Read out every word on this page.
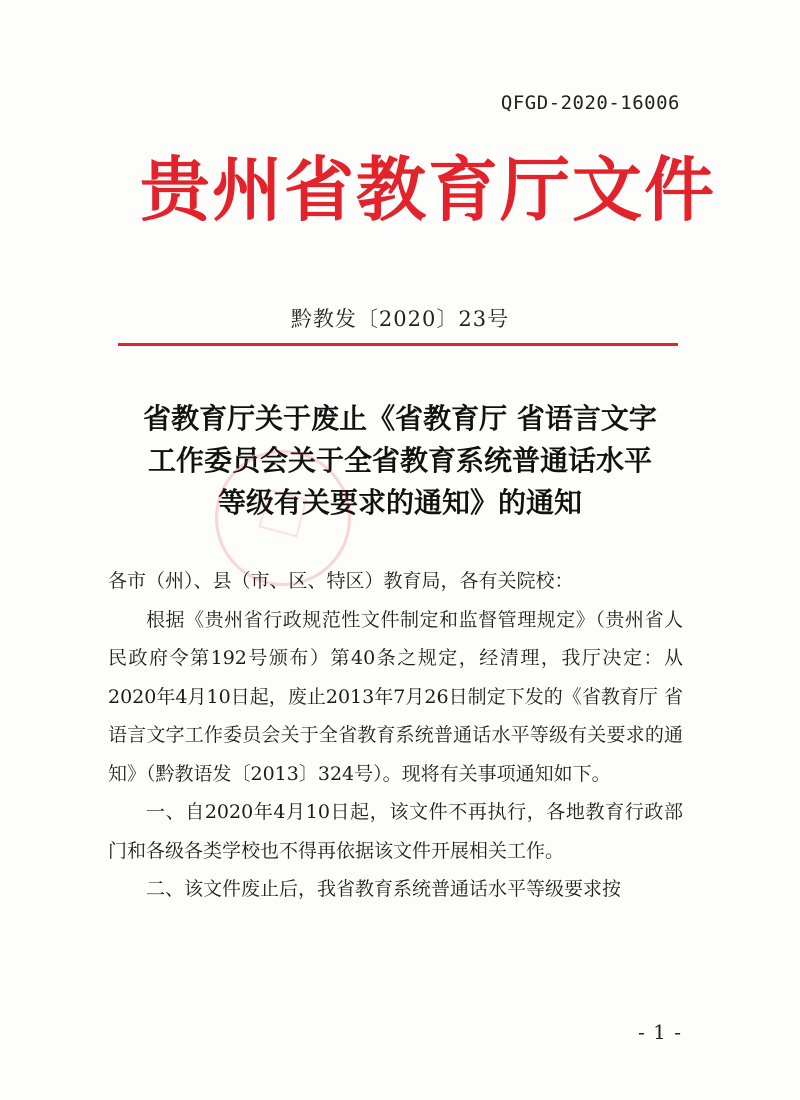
QFGD-2020-16006
贵州省教育厅文件
黔教发〔2020〕23号
省教育厅关于废止《省教育厅 省语言文字
工作委员会关于全省教育系统普通话水平
等级有关要求的通知》的通知

各市（州）、县（市、区、特区）教育局，各有关院校：

根据《贵州省行政规范性文件制定和监督管理规定》（贵州省人民政府令第192号颁布）第40条之规定，经清理，我厅决定：从2020年4月10日起，废止2013年7月26日制定下发的《省教育厅 省语言文字工作委员会关于全省教育系统普通话水平等级有关要求的通知》（黔教语发〔2013〕324号）。现将有关事项通知如下。

一、自2020年4月10日起，该文件不再执行，各地教育行政部门和各级各类学校也不得再依据该文件开展相关工作。

二、该文件废止后，我省教育系统普通话水平等级要求按

- 1 -
